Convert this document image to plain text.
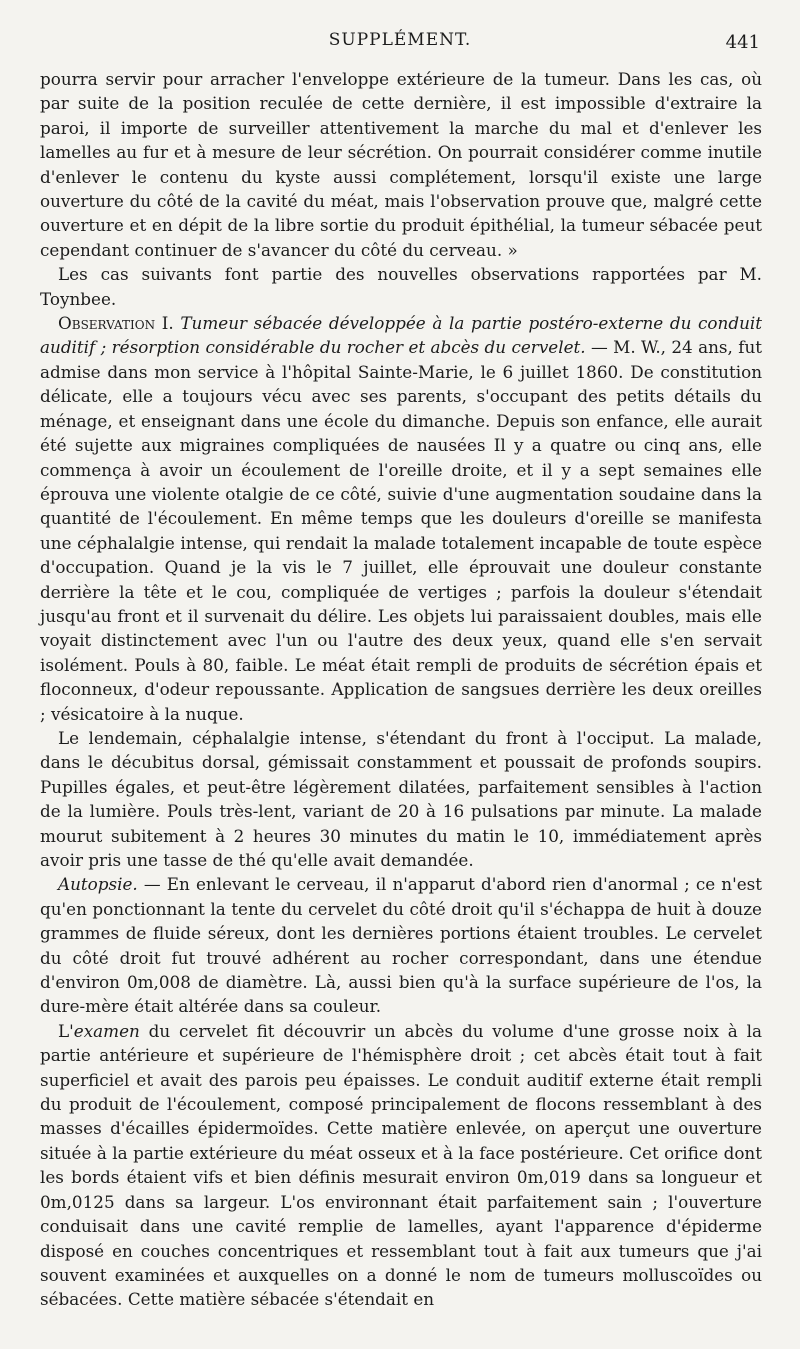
SUPPLÉMENT.	441

pourra servir pour arracher l'enveloppe extérieure de la tumeur. Dans les cas, où par suite de la position reculée de cette dernière, il est impossible d'extraire la paroi, il importe de surveiller attentivement la marche du mal et d'enlever les lamelles au fur et à mesure de leur sécrétion. On pourrait considérer comme inutile d'enlever le contenu du kyste aussi complétement, lorsqu'il existe une large ouverture du côté de la cavité du méat, mais l'observation prouve que, malgré cette ouverture et en dépit de la libre sortie du produit épithélial, la tumeur sébacée peut cependant continuer de s'avancer du côté du cerveau. »

Les cas suivants font partie des nouvelles observations rapportées par M. Toynbee.

Observation I. Tumeur sébacée développée à la partie postéro-externe du conduit auditif ; résorption considérable du rocher et abcès du cervelet. — M. W., 24 ans, fut admise dans mon service à l'hôpital Sainte-Marie, le 6 juillet 1860. De constitution délicate, elle a toujours vécu avec ses parents, s'occupant des petits détails du ménage, et enseignant dans une école du dimanche. Depuis son enfance, elle aurait été sujette aux migraines compliquées de nausées Il y a quatre ou cinq ans, elle commença à avoir un écoulement de l'oreille droite, et il y a sept semaines elle éprouva une violente otalgie de ce côté, suivie d'une augmentation soudaine dans la quantité de l'écoulement. En même temps que les douleurs d'oreille se manifesta une céphalalgie intense, qui rendait la malade totalement incapable de toute espèce d'occupation. Quand je la vis le 7 juillet, elle éprouvait une douleur constante derrière la tête et le cou, compliquée de vertiges ; parfois la douleur s'étendait jusqu'au front et il survenait du délire. Les objets lui paraissaient doubles, mais elle voyait distinctement avec l'un ou l'autre des deux yeux, quand elle s'en servait isolément. Pouls à 80, faible. Le méat était rempli de produits de sécrétion épais et floconneux, d'odeur repoussante. Application de sangsues derrière les deux oreilles ; vésicatoire à la nuque.

Le lendemain, céphalalgie intense, s'étendant du front à l'occiput. La malade, dans le décubitus dorsal, gémissait constamment et poussait de profonds soupirs. Pupilles égales, et peut-être légèrement dilatées, parfaitement sensibles à l'action de la lumière. Pouls très-lent, variant de 20 à 16 pulsations par minute. La malade mourut subitement à 2 heures 30 minutes du matin le 10, immédiatement après avoir pris une tasse de thé qu'elle avait demandée.

Autopsie. — En enlevant le cerveau, il n'apparut d'abord rien d'anormal ; ce n'est qu'en ponctionnant la tente du cervelet du côté droit qu'il s'échappa de huit à douze grammes de fluide séreux, dont les dernières portions étaient troubles. Le cervelet du côté droit fut trouvé adhérent au rocher correspondant, dans une étendue d'environ 0m,008 de diamètre. Là, aussi bien qu'à la surface supérieure de l'os, la dure-mère était altérée dans sa couleur.

L'examen du cervelet fit découvrir un abcès du volume d'une grosse noix à la partie antérieure et supérieure de l'hémisphère droit ; cet abcès était tout à fait superficiel et avait des parois peu épaisses. Le conduit auditif externe était rempli du produit de l'écoulement, composé principalement de flocons ressemblant à des masses d'écailles épidermoïdes. Cette matière enlevée, on aperçut une ouverture située à la partie extérieure du méat osseux et à la face postérieure. Cet orifice dont les bords étaient vifs et bien définis mesurait environ 0m,019 dans sa longueur et 0m,0125 dans sa largeur. L'os environnant était parfaitement sain ; l'ouverture conduisait dans une cavité remplie de lamelles, ayant l'apparence d'épiderme disposé en couches concentriques et ressemblant tout à fait aux tumeurs que j'ai souvent examinées et auxquelles on a donné le nom de tumeurs molluscoïdes ou sébacées. Cette matière sébacée s'étendait en
